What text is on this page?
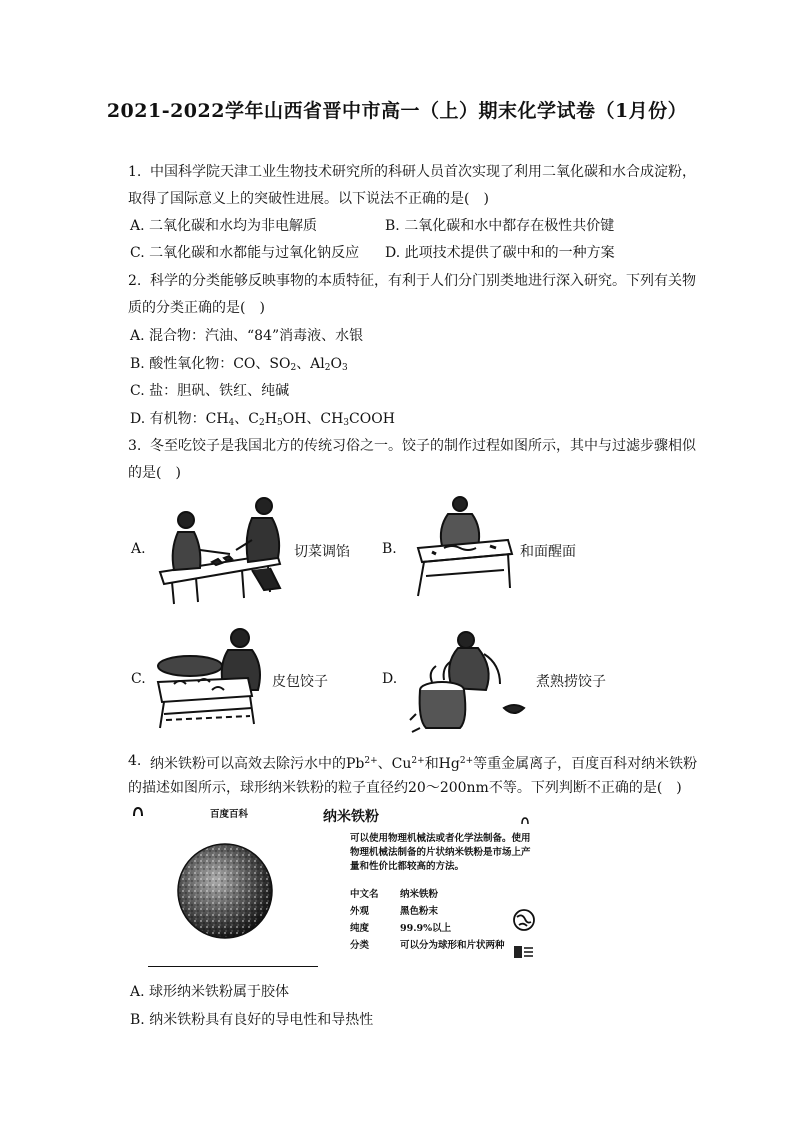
2021-2022学年山西省晋中市高一（上）期末化学试卷（1月份）
1. 中国科学院天津工业生物技术研究所的科研人员首次实现了利用二氧化碳和水合成淀粉，
取得了国际意义上的突破性进展。以下说法不正确的是(　)
A. 二氧化碳和水均为非电解质	B. 二氧化碳和水中都存在极性共价键
C. 二氧化碳和水都能与过氧化钠反应 D. 此项技术提供了碳中和的一种方案
2. 科学的分类能够反映事物的本质特征，有利于人们分门别类地进行深入研究。下列有关物
质的分类正确的是(　)
A. 混合物：汽油、“84”消毒液、水银
B. 酸性氧化物：CO、$SO_2$、$Al_2O_3$
C. 盐：胆矾、铁红、纯碱
D. 有机物：$CH_4$、$C_2H_5OH$、$CH_3COOH$
3. 冬至吃饺子是我国北方的传统习俗之一。饺子的制作过程如图所示，其中与过滤步骤相似
的是(　)
A.	切菜调馅 B.	和面醒面
C.	皮包饺子	D.	煮熟捞饺子
4. 纳米铁粉可以高效去除污水中的$Pb^{2+}$、$Cu^{2+}$和$Hg^{2+}$等重金属离子，百度百科对纳米铁粉
的描述如图所示，球形纳米铁粉的粒子直径约20～200nm不等。下列判断不正确的是(　)
百度百科	纳米铁粉
可以使用物理机械法或者化学法制备。使用
物理机械法制备的片状纳米铁粉是市场上产
量和性价比都较高的方法。
中文名 纳米铁粉
外观	黑色粉末
纯度	99.9%以上
分类	可以分为球形和片状两种
A. 球形纳米铁粉属于胶体
B. 纳米铁粉具有良好的导电性和导热性
